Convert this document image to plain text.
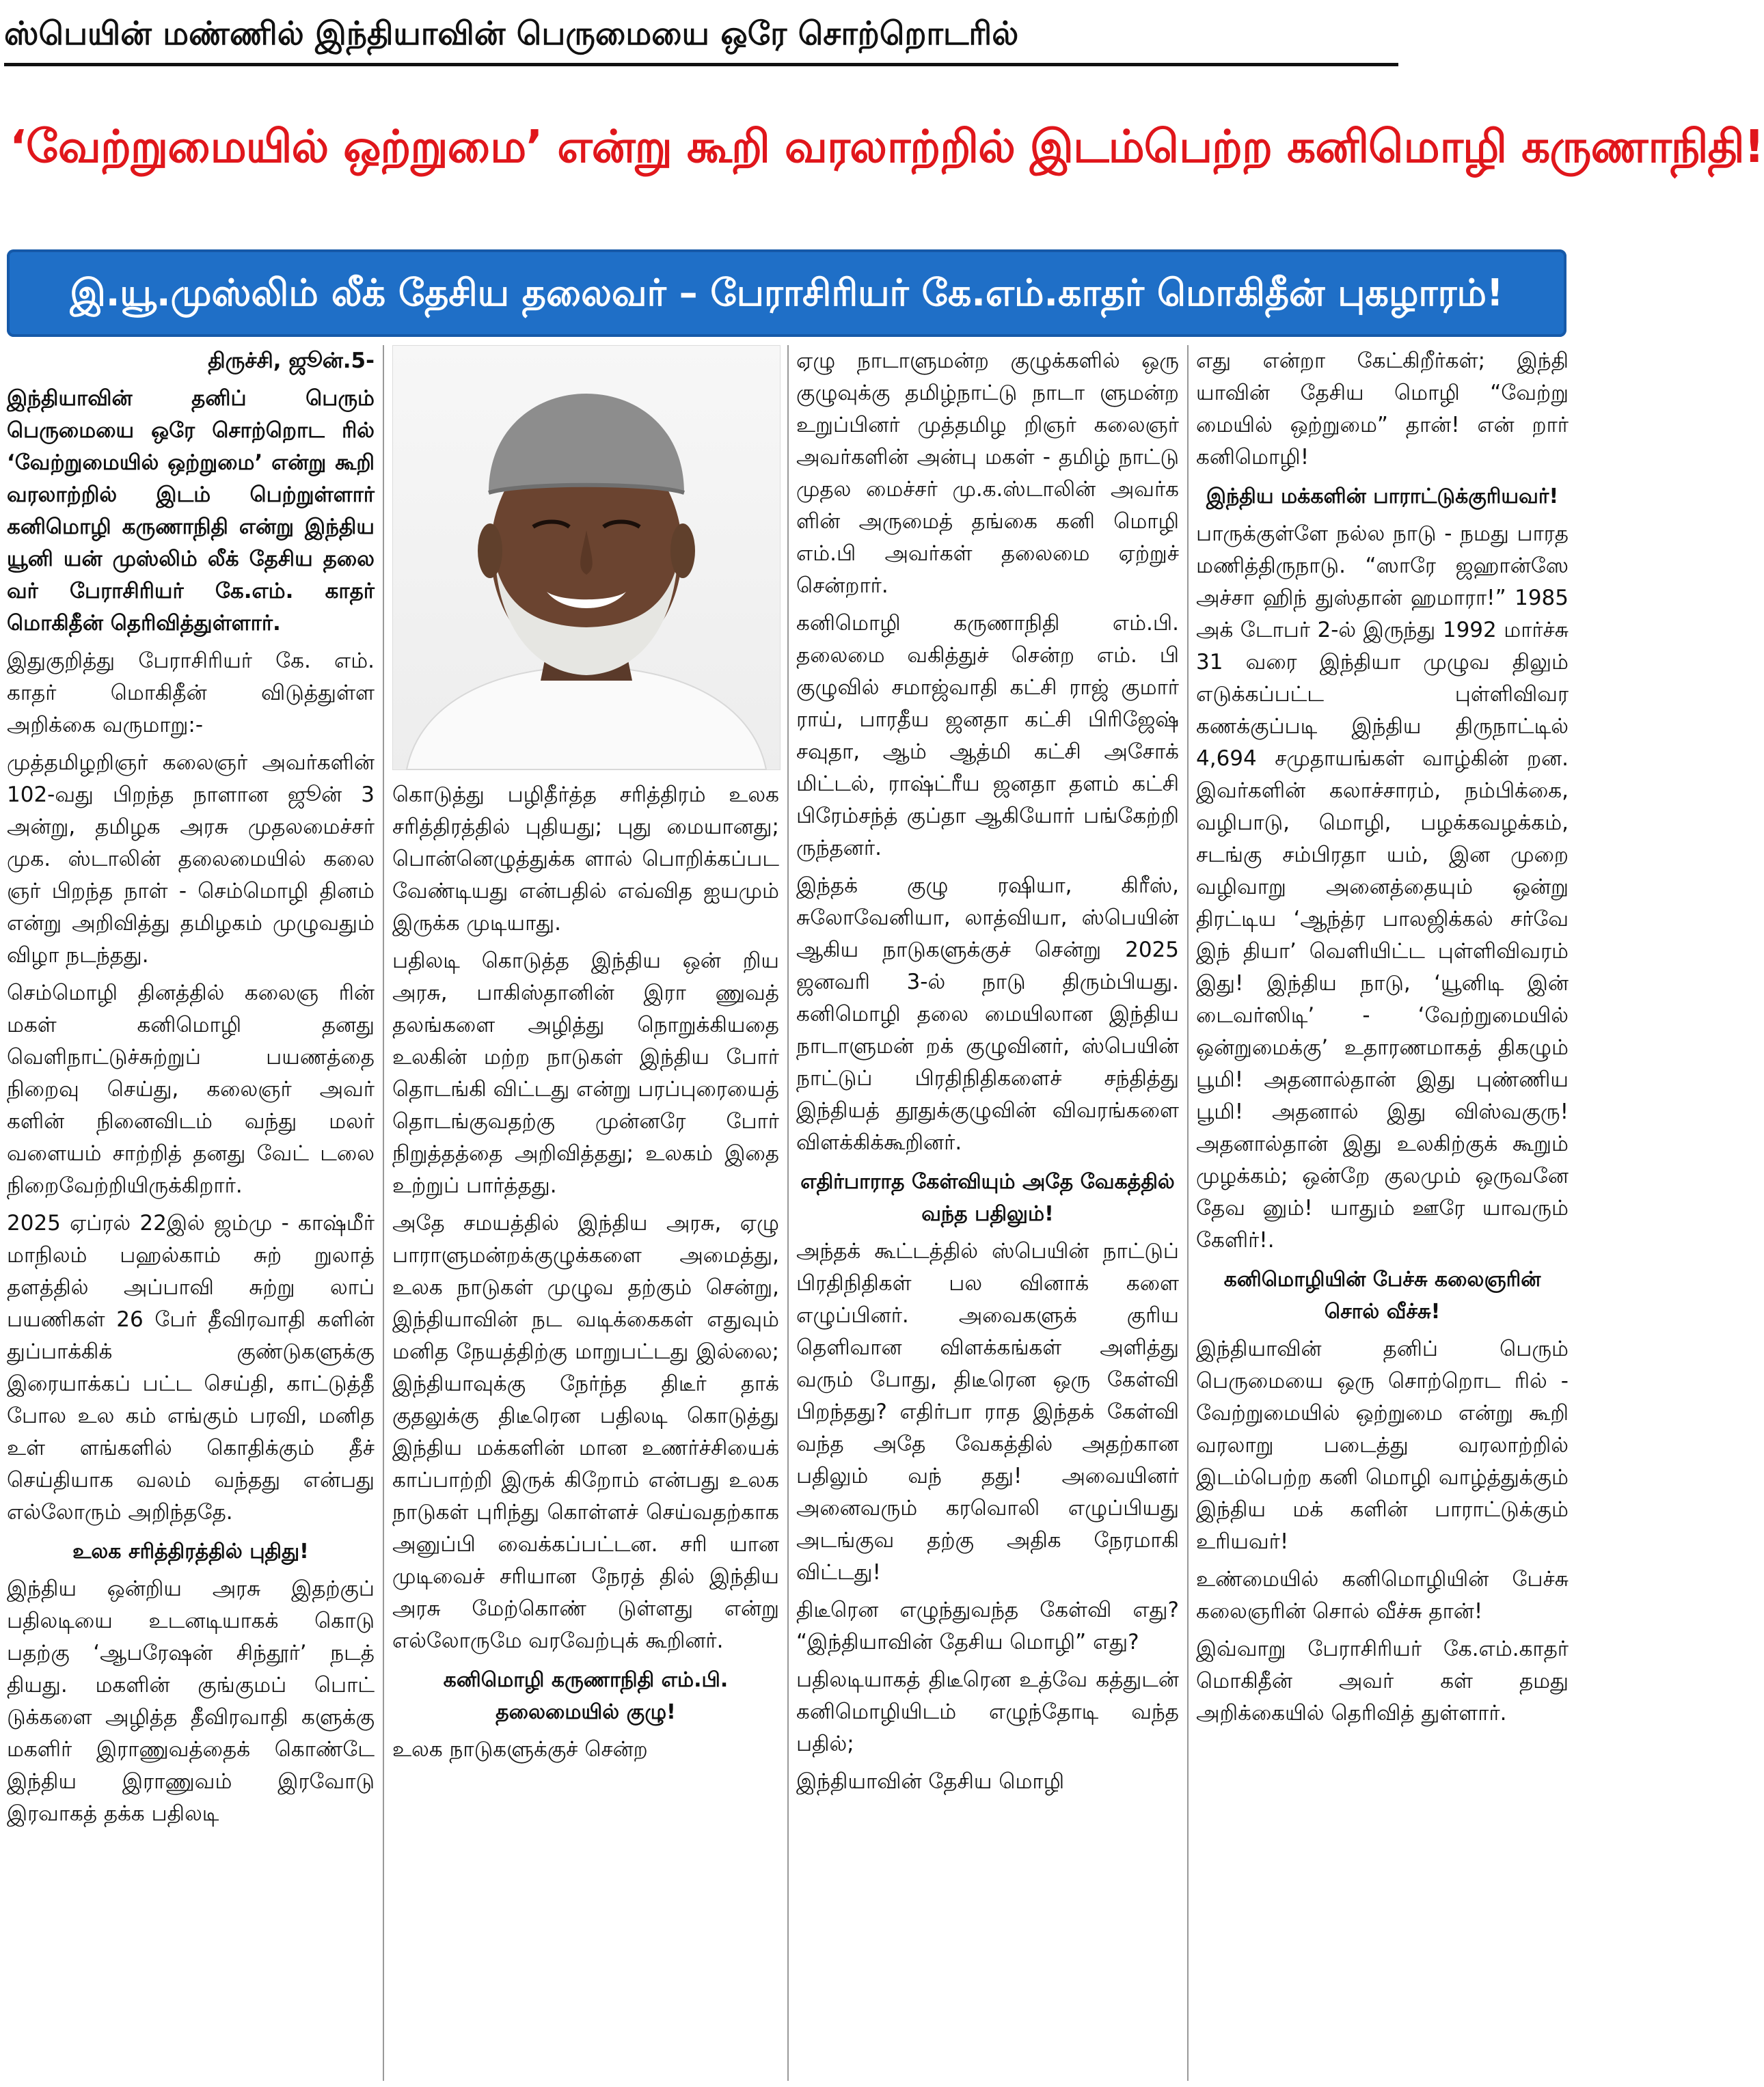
ஸ்பெயின் மண்ணில் இந்தியாவின் பெருமையை ஒரே சொற்றொடரில்
‘வேற்றுமையில் ஒற்றுமை’ என்று கூறி வரலாற்றில் இடம்பெற்ற கனிமொழி கருணாநிதி!
இ.யூ.முஸ்லிம் லீக் தேசிய தலைவர் – பேராசிரியர் கே.எம்.காதர் மொகிதீன் புகழாரம்!

திருச்சி, ஜூன்.5-

இந்தியாவின் தனிப் பெரும் பெருமையை ஒரே சொற்றொட ரில் ‘வேற்றுமையில் ஒற்றுமை’ என்று கூறி வரலாற்றில் இடம் பெற்றுள்ளார் கனிமொழி கருணாநிதி என்று இந்திய யூனி யன் முஸ்லிம் லீக் தேசிய தலை வர் பேராசிரியர் கே.எம். காதர் மொகிதீன் தெரிவித்துள்ளார்.

இதுகுறித்து பேராசிரியர் கே. எம். காதர் மொகிதீன் விடுத்துள்ள அறிக்கை வருமாறு:-

முத்தமிழறிஞர் கலைஞர் அவர்களின் 102-வது பிறந்த நாளான ஜூன் 3 அன்று, தமிழக அரசு முதலமைச்சர் முக. ஸ்டாலின் தலைமையில் கலை ஞர் பிறந்த நாள் - செம்மொழி தினம் என்று அறிவித்து தமிழகம் முழுவதும் விழா நடந்தது.

செம்மொழி தினத்தில் கலைஞ ரின் மகள் கனிமொழி தனது வெளிநாட்டுச்சுற்றுப் பயணத்தை நிறைவு செய்து, கலைஞர் அவர் களின் நினைவிடம் வந்து மலர் வளையம் சாற்றித் தனது வேட் டலை நிறைவேற்றியிருக்கிறார்.

2025 ஏப்ரல் 22இல் ஜம்மு - காஷ்மீர் மாநிலம் பஹல்காம் சுற் றுலாத் தளத்தில் அப்பாவி சுற்று லாப் பயணிகள் 26 பேர் தீவிரவாதி களின் துப்பாக்கிக் குண்டுகளுக்கு இரையாக்கப் பட்ட செய்தி, காட்டுத்தீ போல உல கம் எங்கும் பரவி, மனித உள் ளங்களில் கொதிக்கும் தீச் செய்தியாக வலம் வந்தது என்பது எல்லோரும் அறிந்ததே.

உலக சரித்திரத்தில் புதிது!

இந்திய ஒன்றிய அரசு இதற்குப் பதிலடியை உடனடியாகக் கொடு பதற்கு ‘ஆபரேஷன் சிந்தூர்’ நடத் தியது. மகளின் குங்குமப் பொட் டுக்களை அழித்த தீவிரவாதி களுக்கு மகளிர் இராணுவத்தைக் கொண்டே இந்திய இராணுவம் இரவோடு இரவாகத் தக்க பதிலடி

கொடுத்து பழிதீர்த்த சரித்திரம் உலக சரித்திரத்தில் புதியது; புது மையானது; பொன்னெழுத்துக்க ளால் பொறிக்கப்பட வேண்டியது என்பதில் எவ்வித ஐயமும் இருக்க முடியாது.

பதிலடி கொடுத்த இந்திய ஒன் றிய அரசு, பாகிஸ்தானின் இரா ணுவத் தலங்களை அழித்து நொறுக்கியதை உலகின் மற்ற நாடுகள் இந்திய போர் தொடங்கி விட்டது என்று பரப்புரையைத் தொடங்குவதற்கு முன்னரே போர் நிறுத்தத்தை அறிவித்தது; உலகம் இதை உற்றுப் பார்த்தது.

அதே சமயத்தில் இந்திய அரசு, ஏழு பாராளுமன்றக்குழுக்களை அமைத்து, உலக நாடுகள் முழுவ தற்கும் சென்று, இந்தியாவின் நட வடிக்கைகள் எதுவும் மனித நேயத்திற்கு மாறுபட்டது இல்லை; இந்தியாவுக்கு நேர்ந்த திடீர் தாக் குதலுக்கு திடீரென பதிலடி கொடுத்து இந்திய மக்களின் மான உணர்ச்சியைக் காப்பாற்றி இருக் கிறோம் என்பது உலக நாடுகள் புரிந்து கொள்ளச் செய்வதற்காக அனுப்பி வைக்கப்பட்டன. சரி யான முடிவைச் சரியான நேரத் தில் இந்திய அரசு மேற்கொண் டுள்ளது என்று எல்லோருமே வரவேற்புக் கூறினர்.

கனிமொழி கருணாநிதி எம்.பி. தலைமையில் குழு!

உலக நாடுகளுக்குச் சென்ற

ஏழு நாடாளுமன்ற குழுக்களில் ஒரு குழுவுக்கு தமிழ்நாட்டு நாடா ளுமன்ற உறுப்பினர் முத்தமிழ றிஞர் கலைஞர் அவர்களின் அன்பு மகள் - தமிழ் நாட்டு முதல மைச்சர் மு.க.ஸ்டாலின் அவர்க ளின் அருமைத் தங்கை கனி மொழி எம்.பி அவர்கள் தலைமை ஏற்றுச் சென்றார்.

கனிமொழி கருணாநிதி எம்.பி. தலைமை வகித்துச் சென்ற எம். பி குழுவில் சமாஜ்வாதி கட்சி ராஜ் குமார் ராய், பாரதீய ஜனதா கட்சி பிரிஜேஷ் சவுதா, ஆம் ஆத்மி கட்சி அசோக் மிட்டல், ராஷ்ட்ரீய ஜனதா தளம் கட்சி பிரேம்சந்த் குப்தா ஆகியோர் பங்கேற்றி ருந்தனர்.

இந்தக் குழு ரஷியா, கிரீஸ், சுலோவேனியா, லாத்வியா, ஸ்பெயின் ஆகிய நாடுகளுக்குச் சென்று 2025 ஜனவரி 3-ல் நாடு திரும்பியது. கனிமொழி தலை மையிலான இந்திய நாடாளுமன் றக் குழுவினர், ஸ்பெயின் நாட்டுப் பிரதிநிதிகளைச் சந்தித்து இந்தியத் தூதுக்குழுவின் விவரங்களை விளக்கிக்கூறினர்.

எதிர்பாராத கேள்வியும் அதே வேகத்தில் வந்த பதிலும்!

அந்தக் கூட்டத்தில் ஸ்பெயின் நாட்டுப் பிரதிநிதிகள் பல வினாக் களை எழுப்பினர். அவைகளுக் குரிய தெளிவான விளக்கங்கள் அளித்து வரும் போது, திடீரென ஒரு கேள்வி பிறந்தது? எதிர்பா ராத இந்தக் கேள்வி வந்த அதே வேகத்தில் அதற்கான பதிலும் வந் தது! அவையினர் அனைவரும் கரவொலி எழுப்பியது அடங்குவ தற்கு அதிக நேரமாகி விட்டது!

திடீரென எழுந்துவந்த கேள்வி எது? “இந்தியாவின் தேசிய மொழி” எது?

பதிலடியாகத் திடீரென உத்வே கத்துடன் கனிமொழியிடம் எழுந்தோடி வந்த பதில்;

இந்தியாவின் தேசிய மொழி

எது என்றா கேட்கிறீர்கள்; இந்தி யாவின் தேசிய மொழி “வேற்று மையில் ஒற்றுமை” தான்! என் றார் கனிமொழி!

இந்திய மக்களின் பாராட்டுக்குரியவர்!

பாருக்குள்ளே நல்ல நாடு - நமது பாரத மணித்திருநாடு. “ஸாரே ஜஹான்ஸே அச்சா ஹிந் துஸ்தான் ஹமாரா!” 1985 அக் டோபர் 2-ல் இருந்து 1992 மார்ச்சு 31 வரை இந்தியா முழுவ திலும் எடுக்கப்பட்ட புள்ளிவிவர கணக்குப்படி இந்திய திருநாட்டில் 4,694 சமுதாயங்கள் வாழ்கின் றன. இவர்களின் கலாச்சாரம், நம்பிக்கை, வழிபாடு, மொழி, பழக்கவழக்கம், சடங்கு சம்பிரதா யம், இன முறை வழிவாறு அனைத்தையும் ஒன்று திரட்டிய ‘ஆந்த்ர பாலஜிக்கல் சர்வே இந் தியா’ வெளியிட்ட புள்ளிவிவரம் இது! இந்திய நாடு, ‘யூனிடி இன் டைவர்ஸிடி’ - ‘வேற்றுமையில் ஒன்றுமைக்கு’ உதாரணமாகத் திகழும் பூமி! அதனால்தான் இது புண்ணிய பூமி! அதனால் இது விஸ்வகுரு! அதனால்தான் இது உலகிற்குக் கூறும் முழக்கம்; ஒன்றே குலமும் ஒருவனே தேவ னும்! யாதும் ஊரே யாவரும் கேளிர்!.

கனிமொழியின் பேச்சு கலைஞரின் சொல் வீச்சு!

இந்தியாவின் தனிப் பெரும் பெருமையை ஒரு சொற்றொட ரில் - வேற்றுமையில் ஒற்றுமை என்று கூறி வரலாறு படைத்து வரலாற்றில் இடம்பெற்ற கனி மொழி வாழ்த்துக்கும் இந்திய மக் களின் பாராட்டுக்கும் உரியவர்!

உண்மையில் கனிமொழியின் பேச்சு கலைஞரின் சொல் வீச்சு தான்!

இவ்வாறு பேராசிரியர் கே.எம்.காதர் மொகிதீன் அவர் கள் தமது அறிக்கையில் தெரிவித் துள்ளார்.
